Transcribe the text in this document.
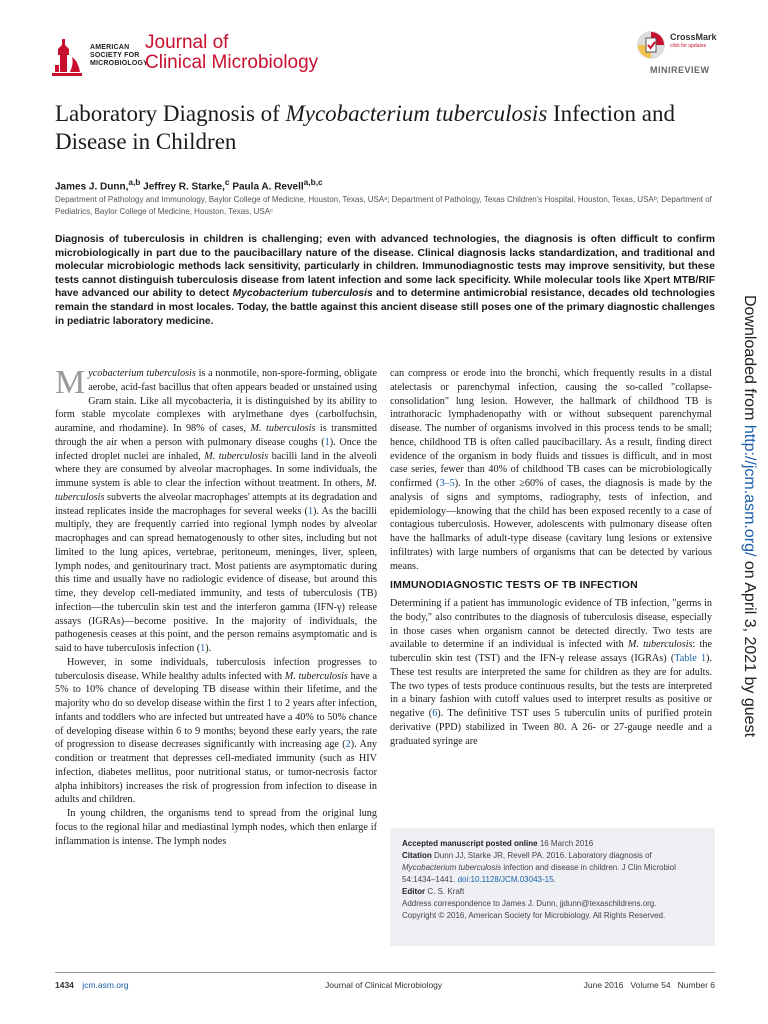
AMERICAN
SOCIETY FOR
MICROBIOLOGY
Journal of
Clinical Microbiology
CrossMark
click for updates
MINIREVIEW
Laboratory Diagnosis of Mycobacterium tuberculosis Infection and Disease in Children
James J. Dunn,$^{a,b}$ Jeffrey R. Starke,$^c$ Paula A. Revell$^{a,b,c}$
Department of Pathology and Immunology, Baylor College of Medicine, Houston, Texas, USAᵃ; Department of Pathology, Texas Children's Hospital, Houston, Texas, USAᵇ; Department of Pediatrics, Baylor College of Medicine, Houston, Texas, USAᶜ
Diagnosis of tuberculosis in children is challenging; even with advanced technologies, the diagnosis is often difficult to confirm microbiologically in part due to the paucibacillary nature of the disease. Clinical diagnosis lacks standardization, and traditional and molecular microbiologic methods lack sensitivity, particularly in children. Immunodiagnostic tests may improve sensitivity, but these tests cannot distinguish tuberculosis disease from latent infection and some lack specificity. While molecular tools like Xpert MTB/RIF have advanced our ability to detect Mycobacterium tuberculosis and to determine antimicrobial resistance, decades old technologies remain the standard in most locales. Today, the battle against this ancient disease still poses one of the primary diagnostic challenges in pediatric laboratory medicine.	Downloaded from http://jcm.asm.org/ on April 3, 2021 by guest

Mycobacterium tuberculosis is a nonmotile, non-spore-forming, obligate aerobe, acid-fast bacillus that often appears beaded or unstained using Gram stain. Like all mycobacteria, it is distinguished by its ability to form stable mycolate complexes with arylmethane dyes (carbolfuchsin, auramine, and rhodamine). In 98% of cases, M. tuberculosis is transmitted through the air when a person with pulmonary disease coughs (1). Once the infected droplet nuclei are inhaled, M. tuberculosis bacilli land in the alveoli where they are consumed by alveolar macrophages. In some individuals, the immune system is able to clear the infection without treatment. In others, M. tuberculosis subverts the alveolar macrophages' attempts at its degradation and instead replicates inside the macrophages for several weeks (1). As the bacilli multiply, they are frequently carried into regional lymph nodes by alveolar macrophages and can spread hematogenously to other sites, including but not limited to the lung apices, vertebrae, peritoneum, meninges, liver, spleen, lymph nodes, and genitourinary tract. Most patients are asymptomatic during this time and usually have no radiologic evidence of disease, but around this time, they develop cell-mediated immunity, and tests of tuberculosis (TB) infection—the tuberculin skin test and the interferon gamma (IFN-γ) release assays (IGRAs)—become positive. In the majority of individuals, the pathogenesis ceases at this point, and the person remains asymptomatic and is said to have tuberculosis infection (1).

However, in some individuals, tuberculosis infection progresses to tuberculosis disease. While healthy adults infected with M. tuberculosis have a 5% to 10% chance of developing TB disease within their lifetime, and the majority who do so develop disease within the first 1 to 2 years after infection, infants and toddlers who are infected but untreated have a 40% to 50% chance of developing disease within 6 to 9 months; beyond these early years, the rate of progression to disease decreases significantly with increasing age (2). Any condition or treatment that depresses cell-mediated immunity (such as HIV infection, diabetes mellitus, poor nutritional status, or tumor-necrosis factor alpha inhibitors) increases the risk of progression from infection to disease in adults and children.

In young children, the organisms tend to spread from the original lung focus to the regional hilar and mediastinal lymph nodes, which then enlarge if inflammation is intense. The lymph nodes

can compress or erode into the bronchi, which frequently results in a distal atelectasis or parenchymal infection, causing the so-called "collapse-consolidation" lung lesion. However, the hallmark of childhood TB is intrathoracic lymphadenopathy with or without subsequent parenchymal disease. The number of organisms involved in this process tends to be small; hence, childhood TB is often called paucibacillary. As a result, finding direct evidence of the organism in body fluids and tissues is difficult, and in most case series, fewer than 40% of childhood TB cases can be microbiologically confirmed (3–5). In the other ≥60% of cases, the diagnosis is made by the analysis of signs and symptoms, radiography, tests of infection, and epidemiology—knowing that the child has been exposed recently to a case of contagious tuberculosis. However, adolescents with pulmonary disease often have the hallmarks of adult-type disease (cavitary lung lesions or extensive infiltrates) with large numbers of organisms that can be detected by various means.

IMMUNODIAGNOSTIC TESTS OF TB INFECTION

Determining if a patient has immunologic evidence of TB infection, "germs in the body," also contributes to the diagnosis of tuberculosis disease, especially in those cases when organism cannot be detected directly. Two tests are available to determine if an individual is infected with M. tuberculosis: the tuberculin skin test (TST) and the IFN-γ release assays (IGRAs) (Table 1). These test results are interpreted the same for children as they are for adults. The two types of tests produce continuous results, but the tests are interpreted in a binary fashion with cutoff values used to interpret results as positive or negative (6). The definitive TST uses 5 tuberculin units of purified protein derivative (PPD) stabilized in Tween 80. A 26- or 27-gauge needle and a graduated syringe are

Accepted manuscript posted online 16 March 2016
Citation Dunn JJ, Starke JR, Revell PA. 2016. Laboratory diagnosis of Mycobacterium tuberculosis infection and disease in children. J Clin Microbiol 54:1434–1441. doi:10.1128/JCM.03043-15.
Editor C. S. Kraft
Address correspondence to James J. Dunn, jjdunn@texaschildrens.org.
Copyright © 2016, American Society for Microbiology. All Rights Reserved.
1434 jcm.asm.org	Journal of Clinical Microbiology	June 2016   Volume 54   Number 6
